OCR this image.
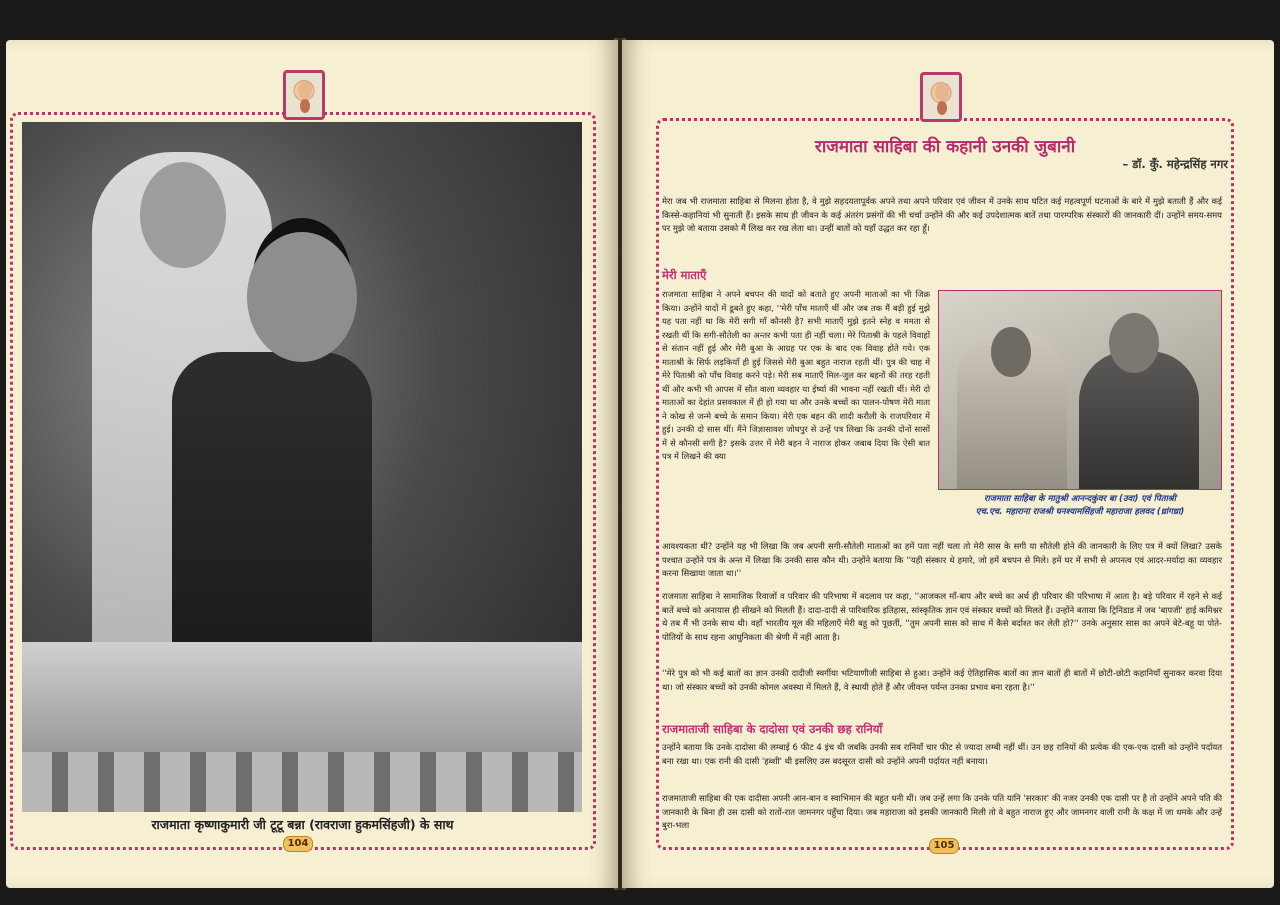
राजमाता कृष्णाकुमारी जी टूटू बन्ना (रावराजा हुकमसिंहजी) के साथ
104
राजमाता साहिबा की कहानी उनकी जुबानी
– डॉ. कुँ. महेन्द्रसिंह नगर

मेरा जब भी राजमाता साहिबा से मिलना होता है, वे मुझे सहदयतापूर्वक अपने तथा अपने परिवार एवं जीवन में उनके साथ घटित कई महत्वपूर्ण घटनाओं के बारे में मुझे बताती हैं और कई किस्से-कहानियां भी सुनाती हैं। इसके साथ ही जीवन के कई अंतरंग प्रसंगों की भी चर्चा उन्होंने की और कई उपदेशात्मक बातें तथा पारम्परिक संस्कारों की जानकारी दीं। उन्होंने समय-समय पर मुझे जो बताया उसको मैं लिख कर रख लेता था। उन्हीं बातों को यहाँ उद्धत कर रहा हूँ।

मेरी माताएँ

राजमाता साहिबा ने अपने बचपन की यादों को बताते हुए अपनी माताओं का भी जिक्र किया। उन्होंने यादों में डूबते हुए कहा, ''मेरी पाँच माताएँ थीं और जब तक मैं बड़ी हुई मुझे यह पता नहीं था कि मेरी सगी माँ कौनसी है? सभी माताएँ मुझे इतने स्नेह व ममता से रखती थीं कि सगी-सौतेली का अन्तर कभी पता ही नहीं चला। मेरे पिताश्री के पहले विवाहों से संतान नहीं हुई और मेरी बुआ के आग्रह पर एक के बाद एक विवाह होते गये। एक माताश्री के सिर्फ लड़कियाँ ही हुई जिससे मेरी बुआ बहुत नाराज रहती थीं। पुत्र की चाह में मेरे पिताश्री को पाँच विवाह करने पड़े। मेरी सब माताएँ मिल-जुल कर बहनों की तरह रहती थीं और कभी भी आपस में सौत वाला व्यवहार या ईर्ष्या की भावना नहीं रखती थीं। मेरी दो माताओं का देहांत प्रसवकाल में ही हो गया था और उनके बच्चों का पालन-पोषण मेरी माता ने कोख से जन्मे बच्चे के समान किया। मेरी एक बहन की शादी करौली के राजपरिवार में हुई। उनकी दो सास थीं। मैंने जिज्ञासावश जोधपुर से उन्हें पत्र लिखा कि उनकी दोनों सासों में से कौनसी सगी है? इसके उत्तर में मेरी बहन ने नाराज होकर जबाब दिया कि ऐसी बात पत्र में लिखने की क्या

राजमाता साहिबा के मातुश्री आनन्दकुंवर बा (उवा) एवं पिताश्री
एच.एच. महाराना राजश्री घनश्यामसिंहजी महाराजा हलवद (ध्रांगध्रा)

आवश्यकता थी? उन्होंने यह भी लिखा कि जब अपनी सगी-सौतेली माताओं का हमें पता नहीं चला तो मेरी सास के सगी या सौतेली होने की जानकारी के लिए पत्र में क्यों लिखा? उसके पश्चात उन्होंने पत्र के अन्त में लिखा कि उनकी सास कौन थी। उन्होंने बताया कि ''यही संस्कार थे हमारे, जो हमें बचपन से मिले। हमें घर में सभी से अपनत्व एवं आदर-मर्यादा का व्यवहार करना सिखाया जाता था।''

राजमाता साहिबा ने सामाजिक रिवाजों व परिवार की परिभाषा में बदलाव पर कहा, ''आजकल माँ-बाप और बच्चे का अर्थ ही परिवार की परिभाषा में आता है। बड़े परिवार में रहने से कई बातें बच्चे को अनायास ही सीखने को मिलती हैं। दादा-दादी से पारिवारिक इतिहास, सांस्कृतिक ज्ञान एवं संस्कार बच्चों को मिलते हैं। उन्होंने बताया कि ट्रिनिडाड में जब 'बापजी' हाई कमिश्नर थे तब मैं भी उनके साथ थी। वहाँ भारतीय मूल की महिलाएँ मेरी बहू को पूछतीं, ''तुम अपनी सास को साथ में कैसे बर्दाश्त कर लेती हो?'' उनके अनुसार सास का अपने बेटे-बहू या पोते-पोतियों के साथ रहना आधुनिकता की श्रेणी में नहीं आता है।

''मेरे पुत्र को भी कई बातों का ज्ञान उनकी दादीजी स्वर्गीया भटियाणीजी साहिबा से हुआ। उन्होंने कई ऐतिहासिक बातों का ज्ञान बातों ही बातों में छोटी-छोटी कहानियाँ सुनाकर करवा दिया था। जो संस्कार बच्चों को उनकी कोमल अवस्था में मिलते हैं, वे स्थायी होते हैं और जीवन्त पर्यन्त उनका प्रभाव बना रहता है।''

राजमाताजी साहिबा के दादोसा एवं उनकी छह रानियाँ

उन्होंने बताया कि उनके दादोसा की लम्बाई 6 फीट 4 इंच थी जबकि उनकी सब रानियाँ चार फीट से ज्यादा लम्बी नहीं थीं। उन छह रानियों की प्रत्येक की एक-एक दासी को उन्होंने पर्दायत बना रखा था। एक रानी की दासी 'हब्शी' थी इसलिए उस बदसूरत दासी को उन्होंने अपनी पर्दायत नहीं बनाया।

राजमाताजी साहिबा की एक दादीसा अपनी आन-बान व स्वाभिमान की बहुत धनी थीं। जब उन्हें लगा कि उनके पति यानि 'सरकार' की नजर उनकी एक दासी पर है तो उन्होंने अपने पति की जानकारी के बिना ही उस दासी को रातों-रात जामनगर पहुँचा दिया। जब महाराजा को इसकी जानकारी मिली तो वे बहुत नाराज हुए और जामनगर वाली रानी के कक्ष में जा धमके और उन्हें बुरा-भला

105
